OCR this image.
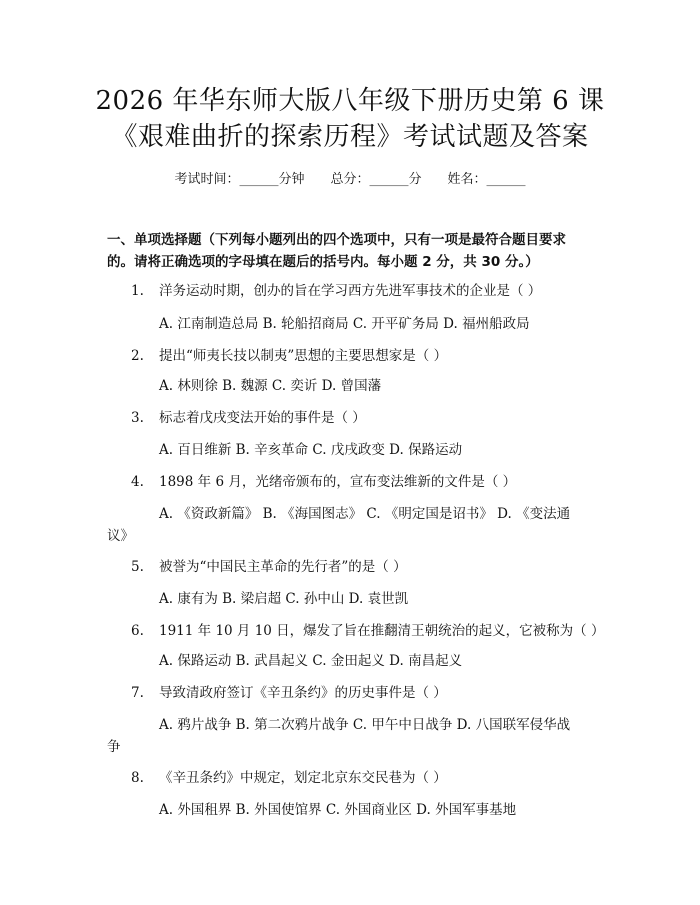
2026 年华东师大版八年级下册历史第 6 课
《艰难曲折的探索历程》考试试题及答案
考试时间：______分钟 总分：______分 姓名：______
一、单项选择题（下列每小题列出的四个选项中，只有一项是最符合题目要求
的。请将正确选项的字母填在题后的括号内。每小题 2 分，共 30 分。）
1. 洋务运动时期，创办的旨在学习西方先进军事技术的企业是（ ）
A. 江南制造总局 B. 轮船招商局 C. 开平矿务局 D. 福州船政局
2. 提出“师夷长技以制夷”思想的主要思想家是（ ）
A. 林则徐 B. 魏源 C. 奕䜣 D. 曾国藩
3. 标志着戊戌变法开始的事件是（ ）
A. 百日维新 B. 辛亥革命 C. 戊戌政变 D. 保路运动
4. 1898 年 6 月，光绪帝颁布的，宣布变法维新的文件是（ ）
A. 《资政新篇》 B. 《海国图志》 C. 《明定国是诏书》 D. 《变法通
议》
5. 被誉为“中国民主革命的先行者”的是（ ）
A. 康有为 B. 梁启超 C. 孙中山 D. 袁世凯
6. 1911 年 10 月 10 日，爆发了旨在推翻清王朝统治的起义，它被称为（ ）
A. 保路运动 B. 武昌起义 C. 金田起义 D. 南昌起义
7. 导致清政府签订《辛丑条约》的历史事件是（ ）
A. 鸦片战争 B. 第二次鸦片战争 C. 甲午中日战争 D. 八国联军侵华战
争
8. 《辛丑条约》中规定，划定北京东交民巷为（ ）
A. 外国租界 B. 外国使馆界 C. 外国商业区 D. 外国军事基地
